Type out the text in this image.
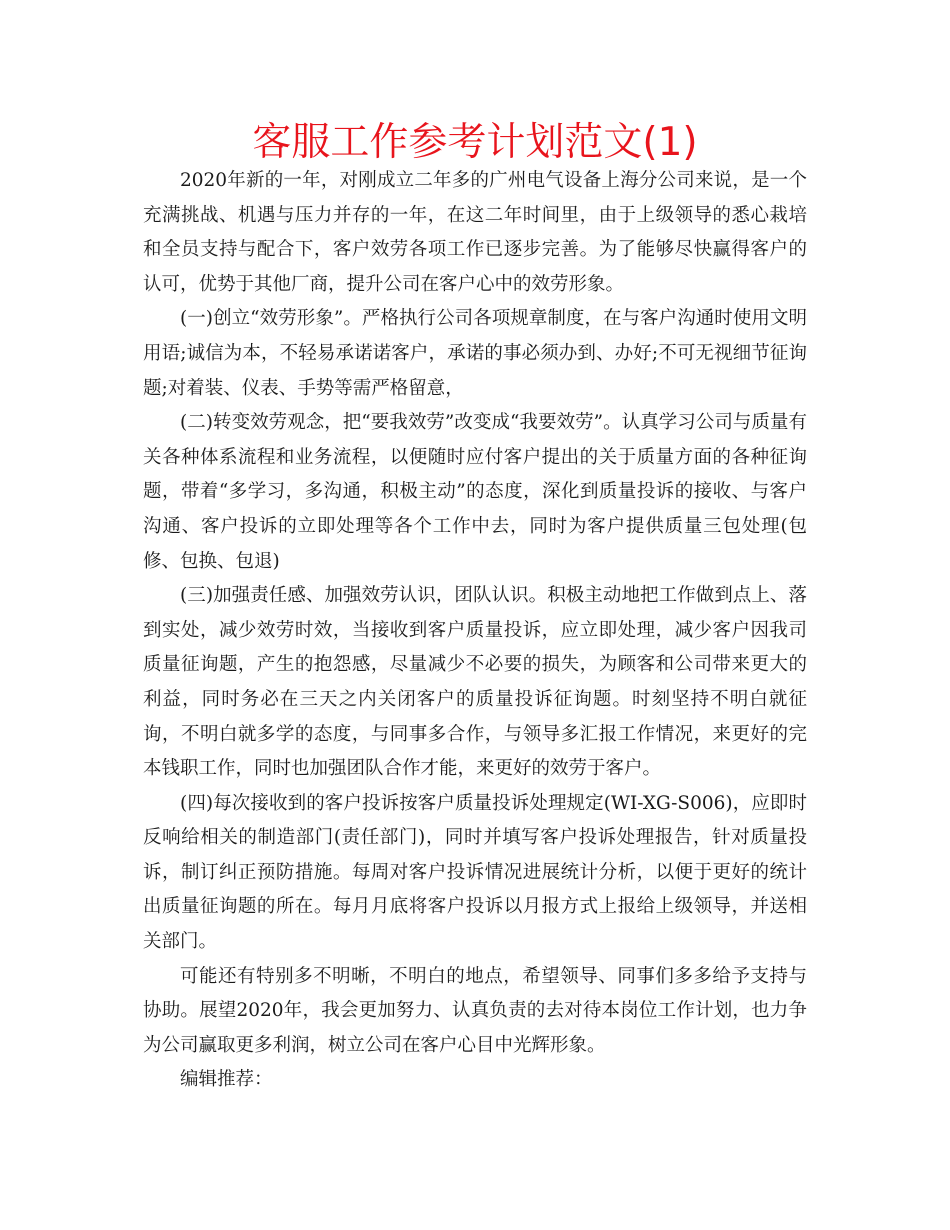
客服工作参考计划范文(1)

2020年新的一年，对刚成立二年多的广州电气设备上海分公司来说，是一个充满挑战、机遇与压力并存的一年，在这二年时间里，由于上级领导的悉心栽培和全员支持与配合下，客户效劳各项工作已逐步完善。为了能够尽快赢得客户的认可，优势于其他厂商，提升公司在客户心中的效劳形象。

(一)创立“效劳形象”。严格执行公司各项规章制度，在与客户沟通时使用文明用语;诚信为本，不轻易承诺诺客户，承诺的事必须办到、办好;不可无视细节征询题;对着装、仪表、手势等需严格留意，

(二)转变效劳观念，把“要我效劳”改变成“我要效劳”。认真学习公司与质量有关各种体系流程和业务流程，以便随时应付客户提出的关于质量方面的各种征询题，带着“多学习，多沟通，积极主动”的态度，深化到质量投诉的接收、与客户沟通、客户投诉的立即处理等各个工作中去，同时为客户提供质量三包处理(包修、包换、包退)

(三)加强责任感、加强效劳认识，团队认识。积极主动地把工作做到点上、落到实处，减少效劳时效，当接收到客户质量投诉，应立即处理，减少客户因我司质量征询题，产生的抱怨感，尽量减少不必要的损失，为顾客和公司带来更大的利益，同时务必在三天之内关闭客户的质量投诉征询题。时刻坚持不明白就征询，不明白就多学的态度，与同事多合作，与领导多汇报工作情况，来更好的完本钱职工作，同时也加强团队合作才能，来更好的效劳于客户。

(四)每次接收到的客户投诉按客户质量投诉处理规定(WI-XG-S006)，应即时反响给相关的制造部门(责任部门)，同时并填写客户投诉处理报告，针对质量投诉，制订纠正预防措施。每周对客户投诉情况进展统计分析，以便于更好的统计出质量征询题的所在。每月月底将客户投诉以月报方式上报给上级领导，并送相关部门。

可能还有特别多不明晰，不明白的地点，希望领导、同事们多多给予支持与协助。展望2020年，我会更加努力、认真负责的去对待本岗位工作计划，也力争为公司赢取更多利润，树立公司在客户心目中光辉形象。

编辑推荐：
